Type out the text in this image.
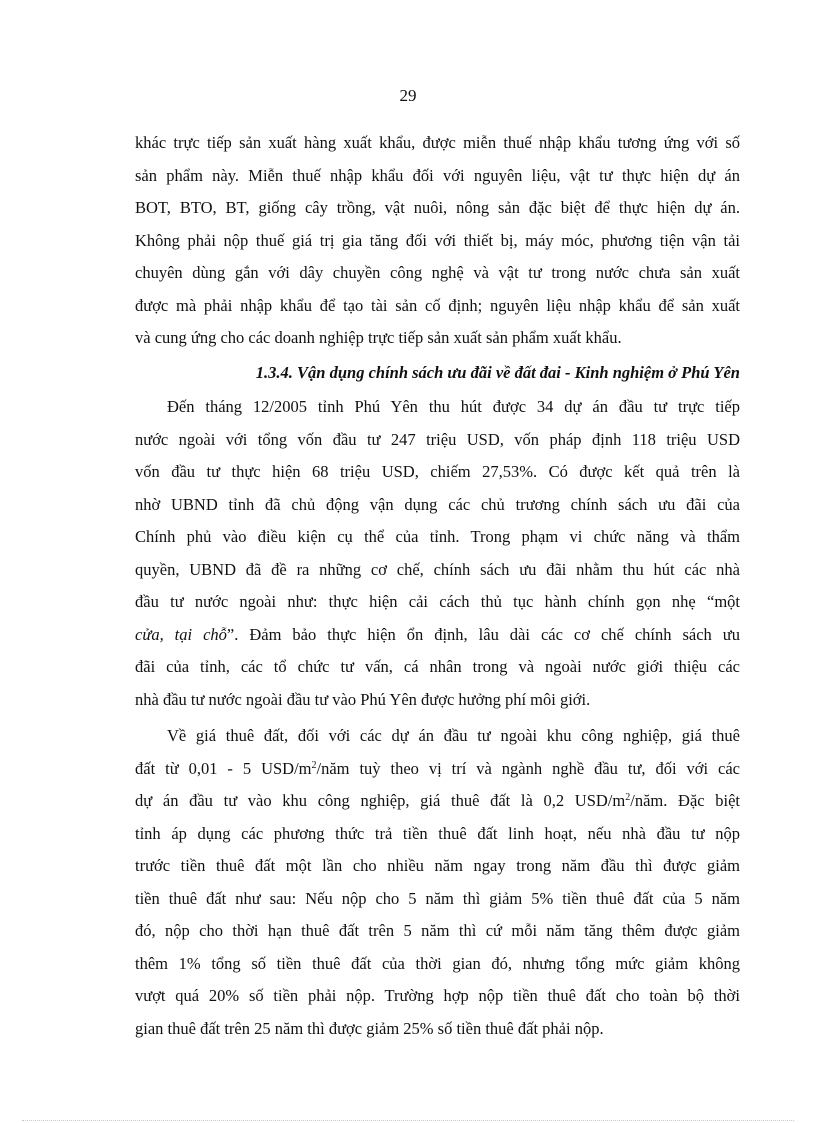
29
khác trực tiếp sản xuất hàng xuất khẩu, được miễn thuế nhập khẩu tương ứng với số
sản phẩm này. Miễn thuế nhập khẩu đối với nguyên liệu, vật tư thực hiện dự án
BOT, BTO, BT, giống cây trồng, vật nuôi, nông sản đặc biệt để thực hiện dự án.
Không phải nộp thuế giá trị gia tăng đối với thiết bị, máy móc, phương tiện vận tải
chuyên dùng gắn với dây chuyền công nghệ và vật tư trong nước chưa sản xuất
được mà phải nhập khẩu để tạo tài sản cố định; nguyên liệu nhập khẩu để sản xuất
và cung ứng cho các doanh nghiệp trực tiếp sản xuất sản phẩm xuất khẩu.
1.3.4. Vận dụng chính sách ưu đãi về đất đai - Kinh nghiệm ở Phú Yên
Đến tháng 12/2005 tỉnh Phú Yên thu hút được 34 dự án đầu tư trực tiếp
nước ngoài với tổng vốn đầu tư 247 triệu USD, vốn pháp định 118 triệu USD
vốn đầu tư thực hiện 68 triệu USD, chiếm 27,53%. Có được kết quả trên là
nhờ UBND tỉnh đã chủ động vận dụng các chủ trương chính sách ưu đãi của
Chính phủ vào điều kiện cụ thể của tỉnh. Trong phạm vi chức năng và thẩm
quyền, UBND đã đề ra những cơ chế, chính sách ưu đãi nhằm thu hút các nhà
đầu tư nước ngoài như: thực hiện cải cách thủ tục hành chính gọn nhẹ “một
cửa, tại chỗ”. Đảm bảo thực hiện ổn định, lâu dài các cơ chế chính sách ưu
đãi của tỉnh, các tổ chức tư vấn, cá nhân trong và ngoài nước giới thiệu các
nhà đầu tư nước ngoài đầu tư vào Phú Yên được hưởng phí môi giới.
Về giá thuê đất, đối với các dự án đầu tư ngoài khu công nghiệp, giá thuê
đất từ 0,01 - 5 USD/$m^2$/năm tuỳ theo vị trí và ngành nghề đầu tư, đối với các
dự án đầu tư vào khu công nghiệp, giá thuê đất là 0,2 USD/$m^2$/năm. Đặc biệt
tỉnh áp dụng các phương thức trả tiền thuê đất linh hoạt, nếu nhà đầu tư nộp
trước tiền thuê đất một lần cho nhiều năm ngay trong năm đầu thì được giảm
tiền thuê đất như sau: Nếu nộp cho 5 năm thì giảm 5% tiền thuê đất của 5 năm
đó, nộp cho thời hạn thuê đất trên 5 năm thì cứ mỗi năm tăng thêm được giảm
thêm 1% tổng số tiền thuê đất của thời gian đó, nhưng tổng mức giảm không
vượt quá 20% số tiền phải nộp. Trường hợp nộp tiền thuê đất cho toàn bộ thời
gian thuê đất trên 25 năm thì được giảm 25% số tiền thuê đất phải nộp.
